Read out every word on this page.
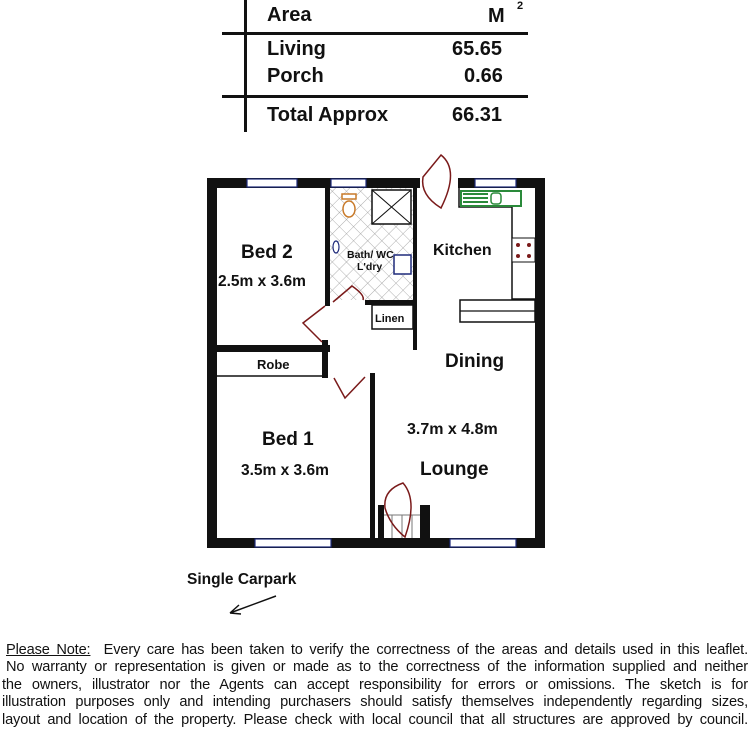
Area	M 2
Living	65.65
Porch	0.66
Total Approx	66.31
Bed 2
2.5m x 3.6m
Bath/ WC
L'dry
Kitchen
Linen
Robe	Dining
3.7m x 4.8m
Lounge
Bed 1
3.5m x 3.6m
Single Carpark

Please Note: Every care has been taken to verify the correctness of the areas and details used in this leaflet.

No warranty or representation is given or made as to the correctness of the information supplied and neither

the owners, illustrator nor the Agents can accept responsibility for errors or omissions. The sketch is for

illustration purposes only and intending purchasers should satisfy themselves independently regarding sizes,

layout and location of the property. Please check with local council that all structures are approved by council.
